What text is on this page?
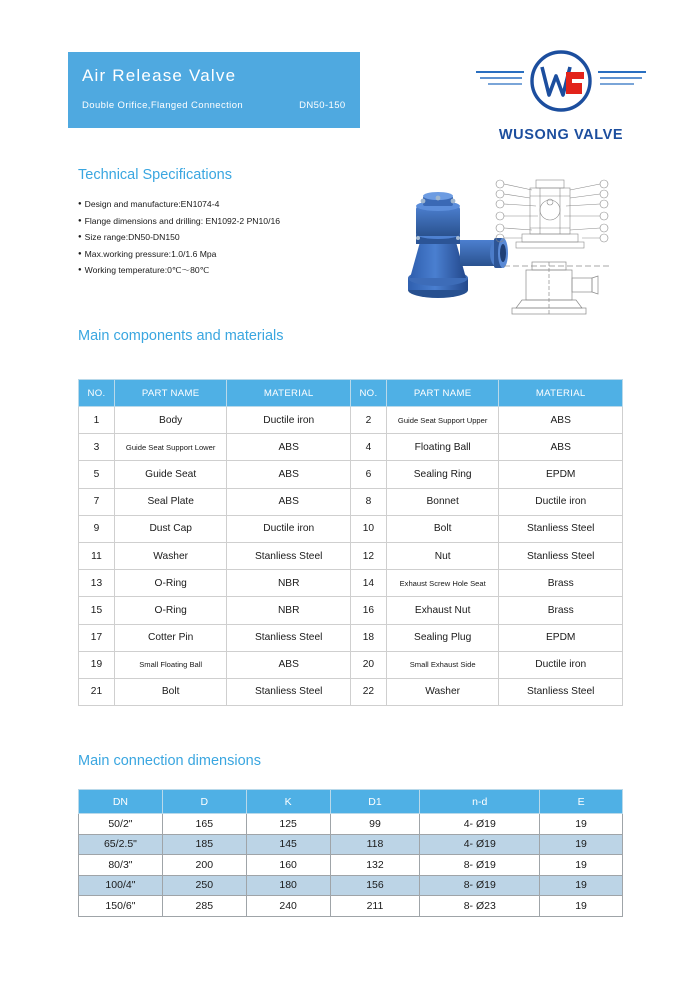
Air Release Valve
Double Orifice,Flanged Connection	DN50-150
WUSONG VALVE
Technical Specifications
● Design and manufacture:EN1074-4
● Flange dimensions and drilling: EN1092-2 PN10/16
● Size range:DN50-DN150
● Max.working pressure:1.0/1.6 Mpa
● Working temperature:0℃～80℃
Main components and materials
NO.	PART NAME	MATERIAL	NO.	PART NAME	MATERIAL
1	Body	Ductile iron	2	Guide Seat Support Upper	ABS
3	Guide Seat Support Lower	ABS	4	Floating Ball	ABS
5	Guide Seat	ABS	6	Sealing Ring	EPDM
7	Seal Plate	ABS	8	Bonnet	Ductile iron
9	Dust Cap	Ductile iron	10	Bolt	Stanliess Steel
11	Washer	Stanliess Steel	12	Nut	Stanliess Steel
13	O-Ring	NBR	14	Exhaust Screw Hole Seat	Brass
15	O-Ring	NBR	16	Exhaust Nut	Brass
17	Cotter Pin	Stanliess Steel	18	Sealing Plug	EPDM
19	Small Floating Ball	ABS	20	Small Exhaust Side	Ductile iron
21	Bolt	Stanliess Steel	22	Washer	Stanliess Steel
Main connection dimensions
DN	D	K	D1	n-d	E
50/2"	165	125	99	4- Ø19	19
65/2.5"	185	145	118	4- Ø19	19
80/3"	200	160	132	8- Ø19	19
100/4"	250	180	156	8- Ø19	19
150/6"	285	240	211	8- Ø23	19
